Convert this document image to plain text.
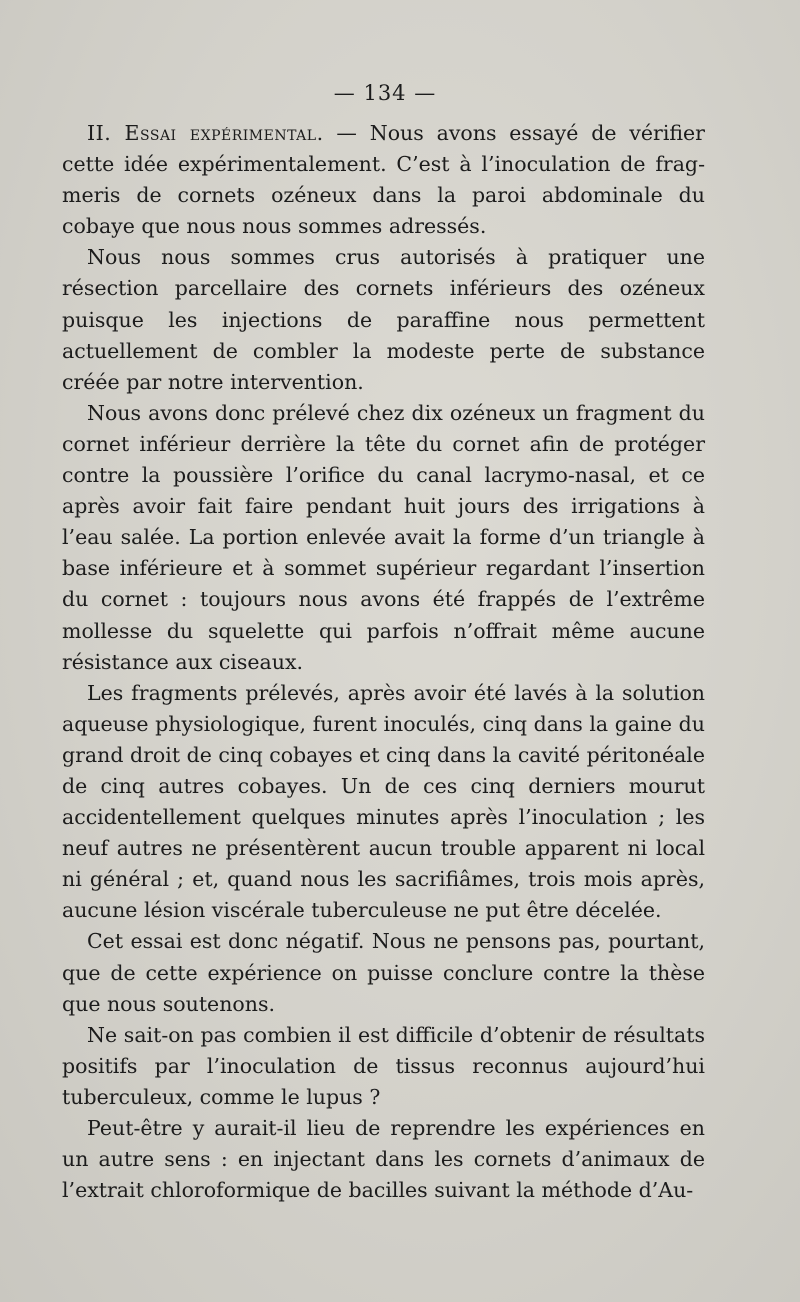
— 134 —

II. Essai expérimental. — Nous avons essayé de vérifier cette idée expérimentalement. C’est à l’inoculation de fragmeris de cornets ozéneux dans la paroi abdominale du cobaye que nous nous sommes adressés.

Nous nous sommes crus autorisés à pratiquer une résection parcellaire des cornets inférieurs des ozéneux puisque les injections de paraffine nous permettent actuellement de combler la modeste perte de substance créée par notre intervention.

Nous avons donc prélevé chez dix ozéneux un fragment du cornet inférieur derrière la tête du cornet afin de protéger contre la poussière l’orifice du canal lacrymo-nasal, et ce après avoir fait faire pendant huit jours des irrigations à l’eau salée. La portion enlevée avait la forme d’un triangle à base inférieure et à sommet supérieur regardant l’insertion du cornet : toujours nous avons été frappés de l’extrême mollesse du squelette qui parfois n’offrait même aucune résistance aux ciseaux.

Les fragments prélevés, après avoir été lavés à la solution aqueuse physiologique, furent inoculés, cinq dans la gaine du grand droit de cinq cobayes et cinq dans la cavité péritonéale de cinq autres cobayes. Un de ces cinq derniers mourut accidentellement quelques minutes après l’inoculation ; les neuf autres ne présentèrent aucun trouble apparent ni local ni général ; et, quand nous les sacrifiâmes, trois mois après, aucune lésion viscérale tuberculeuse ne put être décelée.

Cet essai est donc négatif. Nous ne pensons pas, pourtant, que de cette expérience on puisse conclure contre la thèse que nous soutenons.

Ne sait-on pas combien il est difficile d’obtenir de résultats positifs par l’inoculation de tissus reconnus aujourd’hui tuberculeux, comme le lupus ?

Peut-être y aurait-il lieu de reprendre les expériences en un autre sens : en injectant dans les cornets d’animaux de l’extrait chloroformique de bacilles suivant la méthode d’Au-
